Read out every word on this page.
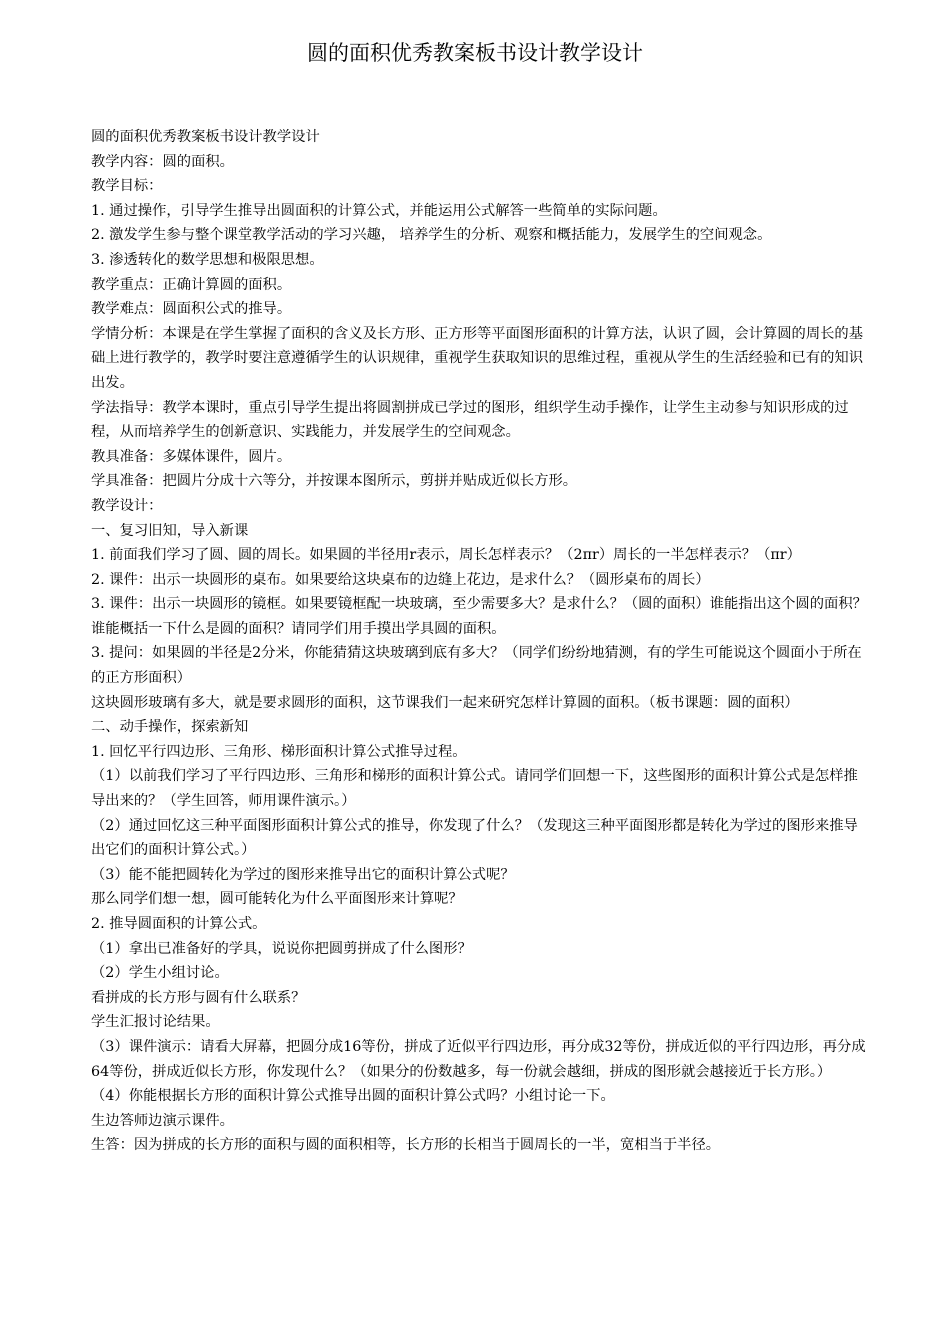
圆的面积优秀教案板书设计教学设计

圆的面积优秀教案板书设计教学设计

教学内容：圆的面积。

教学目标：

1. 通过操作，引导学生推导出圆面积的计算公式，并能运用公式解答一些简单的实际问题。

2. 激发学生参与整个课堂教学活动的学习兴趣， 培养学生的分析、观察和概括能力，发展学生的空间观念。

3. 渗透转化的数学思想和极限思想。

教学重点：正确计算圆的面积。

教学难点：圆面积公式的推导。

学情分析：本课是在学生掌握了面积的含义及长方形、正方形等平面图形面积的计算方法，认识了圆，会计算圆的周长的基础上进行教学的，教学时要注意遵循学生的认识规律，重视学生获取知识的思维过程，重视从学生的生活经验和已有的知识出发。

学法指导：教学本课时，重点引导学生提出将圆割拼成已学过的图形，组织学生动手操作，让学生主动参与知识形成的过程，从而培养学生的创新意识、实践能力，并发展学生的空间观念。

教具准备：多媒体课件，圆片。

学具准备：把圆片分成十六等分，并按课本图所示，剪拼并贴成近似长方形。

教学设计：

一、复习旧知，导入新课

1. 前面我们学习了圆、圆的周长。如果圆的半径用r表示，周长怎样表示？（2πr）周长的一半怎样表示？（πr）

2. 课件：出示一块圆形的桌布。如果要给这块桌布的边缝上花边，是求什么？（圆形桌布的周长）

3. 课件：出示一块圆形的镜框。如果要镜框配一块玻璃，至少需要多大？是求什么？（圆的面积）谁能指出这个圆的面积？谁能概括一下什么是圆的面积？请同学们用手摸出学具圆的面积。

3. 提问：如果圆的半径是2分米，你能猜猜这块玻璃到底有多大？（同学们纷纷地猜测，有的学生可能说这个圆面小于所在的正方形面积）

这块圆形玻璃有多大，就是要求圆形的面积，这节课我们一起来研究怎样计算圆的面积。（板书课题：圆的面积）

二、动手操作，探索新知

1. 回忆平行四边形、三角形、梯形面积计算公式推导过程。

（1）以前我们学习了平行四边形、三角形和梯形的面积计算公式。请同学们回想一下，这些图形的面积计算公式是怎样推导出来的？（学生回答，师用课件演示。）

（2）通过回忆这三种平面图形面积计算公式的推导，你发现了什么？（发现这三种平面图形都是转化为学过的图形来推导出它们的面积计算公式。）

（3）能不能把圆转化为学过的图形来推导出它的面积计算公式呢？

那么同学们想一想，圆可能转化为什么平面图形来计算呢？

2. 推导圆面积的计算公式。

（1）拿出已准备好的学具，说说你把圆剪拼成了什么图形？

（2）学生小组讨论。

看拼成的长方形与圆有什么联系？

学生汇报讨论结果。

（3）课件演示：请看大屏幕，把圆分成16等份，拼成了近似平行四边形，再分成32等份，拼成近似的平行四边形，再分成64等份，拼成近似长方形，你发现什么？（如果分的份数越多，每一份就会越细，拼成的图形就会越接近于长方形。）

（4）你能根据长方形的面积计算公式推导出圆的面积计算公式吗？小组讨论一下。

生边答师边演示课件。

生答：因为拼成的长方形的面积与圆的面积相等，长方形的长相当于圆周长的一半，宽相当于半径。
